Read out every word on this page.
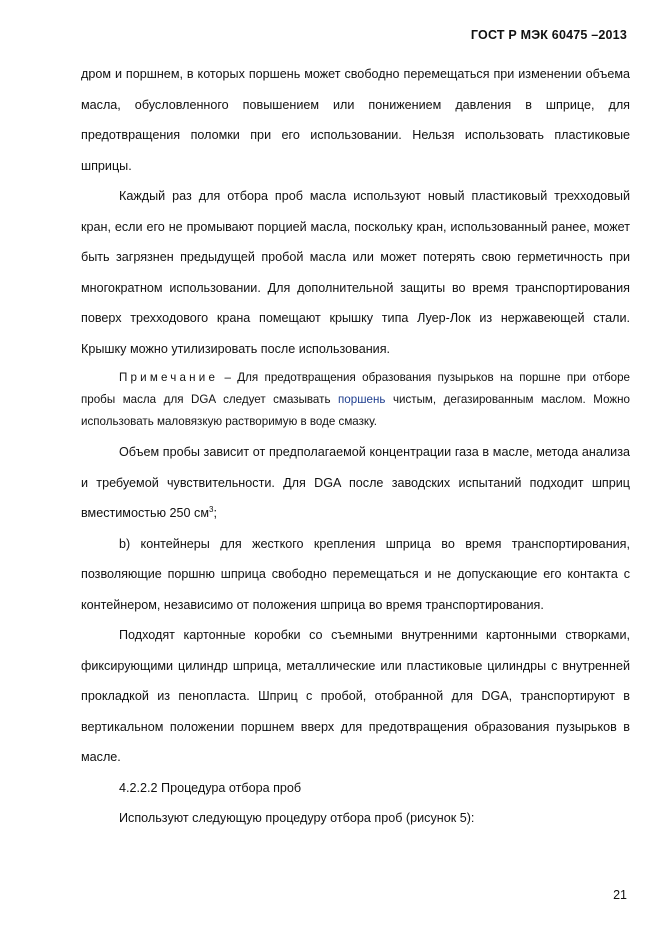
ГОСТ Р МЭК 60475 –2013

дром и поршнем, в которых поршень может свободно перемещаться при изменении объема масла, обусловленного повышением или понижением давления в шприце, для предотвращения поломки при его использовании. Нельзя использовать пластиковые шприцы.

Каждый раз для отбора проб масла используют новый пластиковый трехходовый кран, если его не промывают порцией масла, поскольку кран, использованный ранее, может быть загрязнен предыдущей пробой масла или может потерять свою герметичность при многократном использовании. Для дополнительной защиты во время транспортирования поверх трехходового крана помещают крышку типа Луер-Лок из нержавеющей стали. Крышку можно утилизировать после использования.

Примечание – Для предотвращения образования пузырьков на поршне при отборе пробы масла для DGA следует смазывать поршень чистым, дегазированным маслом. Можно использовать маловязкую растворимую в воде смазку.

Объем пробы зависит от предполагаемой концентрации газа в масле, метода анализа и требуемой чувствительности. Для DGA после заводских испытаний подходит шприц вместимостью 250 $см^3$;

b) контейнеры для жесткого крепления шприца во время транспортирования, позволяющие поршню шприца свободно перемещаться и не допускающие его контакта с контейнером, независимо от положения шприца во время транспортирования.

Подходят картонные коробки со съемными внутренними картонными створками, фиксирующими цилиндр шприца, металлические или пластиковые цилиндры с внутренней прокладкой из пенопласта. Шприц с пробой, отобранной для DGA, транспортируют в вертикальном положении поршнем вверх для предотвращения образования пузырьков в масле.

4.2.2.2 Процедура отбора проб

Используют следующую процедуру отбора проб (рисунок 5):

21
